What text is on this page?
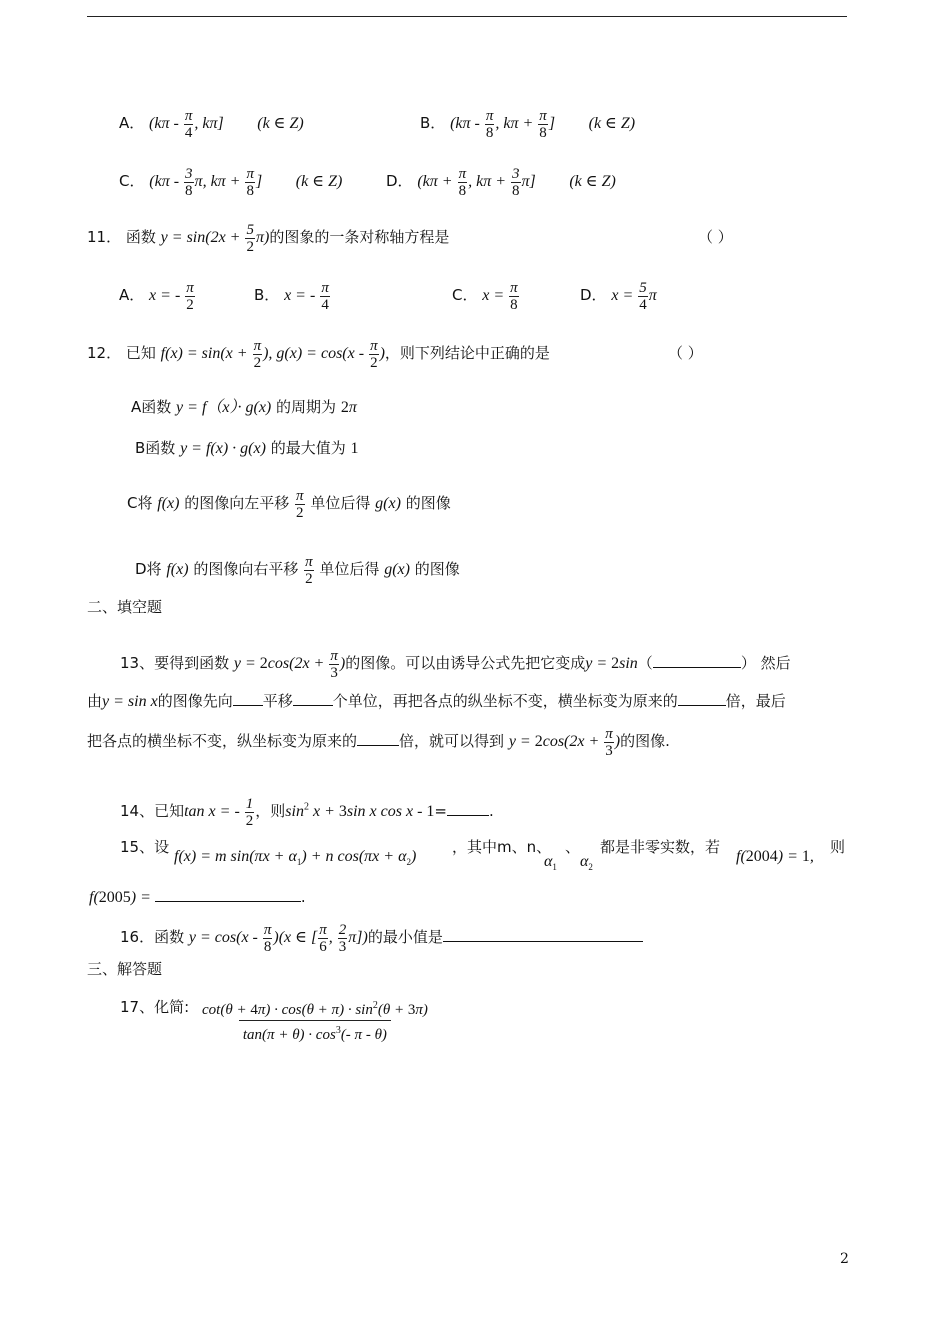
A． ($k\pi - \frac{\pi}{4}$ , kπ] (k ∈ Z)	B． ($k\pi - \frac{\pi}{8}$ , $k\pi + \frac{\pi}{8}$ ] (k ∈ Z)
C． ($k\pi - \frac{3}{8} \pi$, $k\pi + \frac{\pi}{8}$ ] (k ∈ Z)	D． ($k\pi + \frac{\pi}{8}$ , $k\pi + \frac{3}{8} \pi$] (k ∈ Z)
11． 函数 $y = \sin(2x + \frac{5}{2} \pi)$的图象的一条对称轴方程是	（ ）
A． x = - $\frac{\pi}{2}$	B． x = - $\frac{\pi}{4}$	C． $x = \frac{\pi}{8}$	D． $x = \frac{5}{4}$ π
12． 已知 $f(x) = \sin(x + \frac{\pi}{2}$ ), $g(x) = \cos(x - \frac{\pi}{2}$ )，则下列结论中正确的是	（ ）
A函数 y = f（x）· g(x) 的周期为 2π
B函数 y = f(x) · g(x) 的最大值为 1
C将 f(x) 的图像向左平移 $\frac{\pi}{2}$ 单位后得 g(x) 的图像
D将 f(x) 的图像向右平移 $\frac{\pi}{2}$ 单位后得 g(x) 的图像
二、填空题
13、要得到函数 $y = 2\cos(2x + \frac{\pi}{3}$ )的图像。可以由诱导公式先把它变成y = 2sin（	） 然后
由y = sin x的图像先向 平移	个单位，再把各点的纵坐标不变，横坐标变为原来的	倍，最后
把各点的横坐标不变，纵坐标变为原来的	倍，就可以得到 $y = 2\cos(2x + \frac{\pi}{3}$ )的图像.
14、已知tan x = - $\frac{1}{2}$ ，则$\sin^2 x + 3\sin$ x cos x - 1=	.
15、设
f(x) = m $\sin(\pi x + \alpha_1) + n$ $\cos(\pi x + \alpha_2)$
，其中m、n、
$\alpha_1$
、
$\alpha_2$
都是非零实数，若
f(2004) = 1,
则
f(2005) =	.
16．函数 $y = \cos(x - \frac{\pi}{8} )(x$ ∈ [ $\frac{\pi}{6}$ , $\frac{2}{3} \pi$])的最小值是
三、解答题
17、化简: $\frac{\cot(\theta + 4\pi) \cdot \cos(\theta + \pi) \cdot \sin^2(\theta + 3\pi)}{\tan(\pi + \theta) \cdot \cos^3(- \pi - \theta)}$
2
